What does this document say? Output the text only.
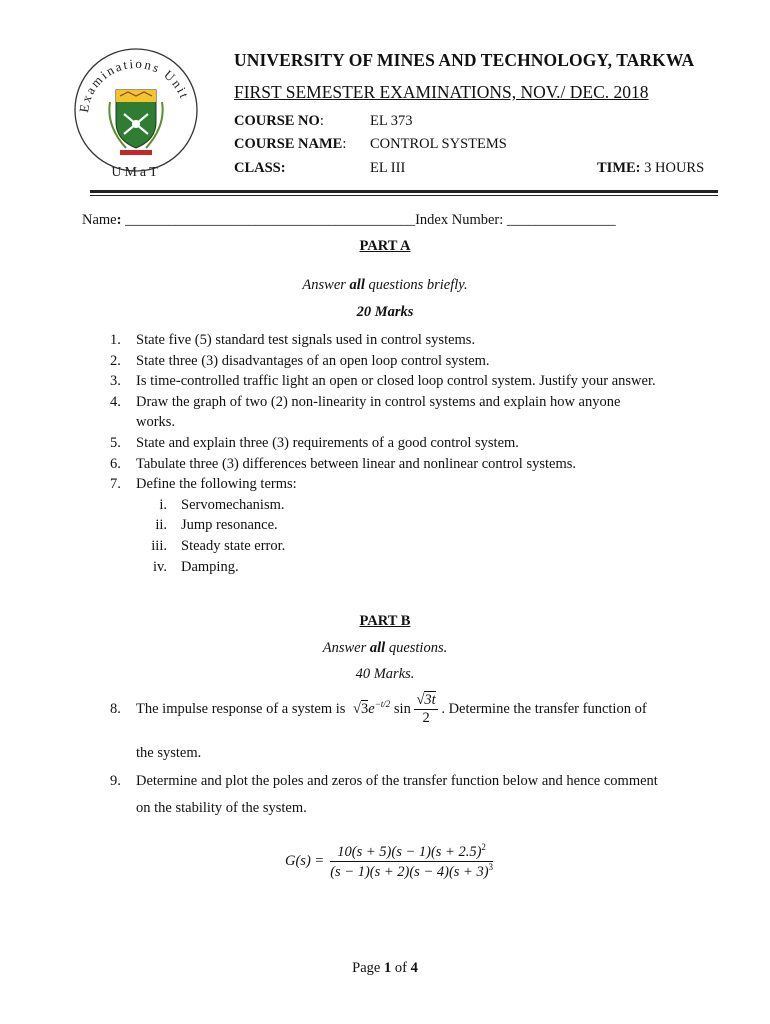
Examinations Unit
UMaT
UNIVERSITY OF MINES AND TECHNOLOGY, TARKWA
FIRST SEMESTER EXAMINATIONS, NOV./ DEC. 2018
COURSE NO:	EL 373
COURSE NAME: CONTROL SYSTEMS
CLASS:	EL III	TIME: 3 HOURS
Name: ________________________________________Index Number: _______________
PART A
Answer all questions briefly.
20 Marks
1.	State five (5) standard test signals used in control systems.
2.	State three (3) disadvantages of an open loop control system.
3.	Is time-controlled traffic light an open or closed loop control system. Justify your answer.
4.	Draw the graph of two (2) non-linearity in control systems and explain how anyone works.
5.	State and explain three (3) requirements of a good control system.
6.	Tabulate three (3) differences between linear and nonlinear control systems.
7.	Define the following terms:
i. Servomechanism.
ii. Jump resonance.
iii. Steady state error.
iv. Damping.
PART B
Answer all questions.
40 Marks.
8. The impulse response of a system is $√3e^{-t/2}$ $\sin \frac{√3t}{2}$ . Determine the transfer function of
the system.
9. Determine and plot the poles and zeros of the transfer function below and hence comment
on the stability of the system.
$G(s) = \frac{10(s + 5)(s - 1)(s + 2.5)^2}{(s - 1)(s + 2)(s - 4)(s + 3)^3}$
Page 1 of 4
